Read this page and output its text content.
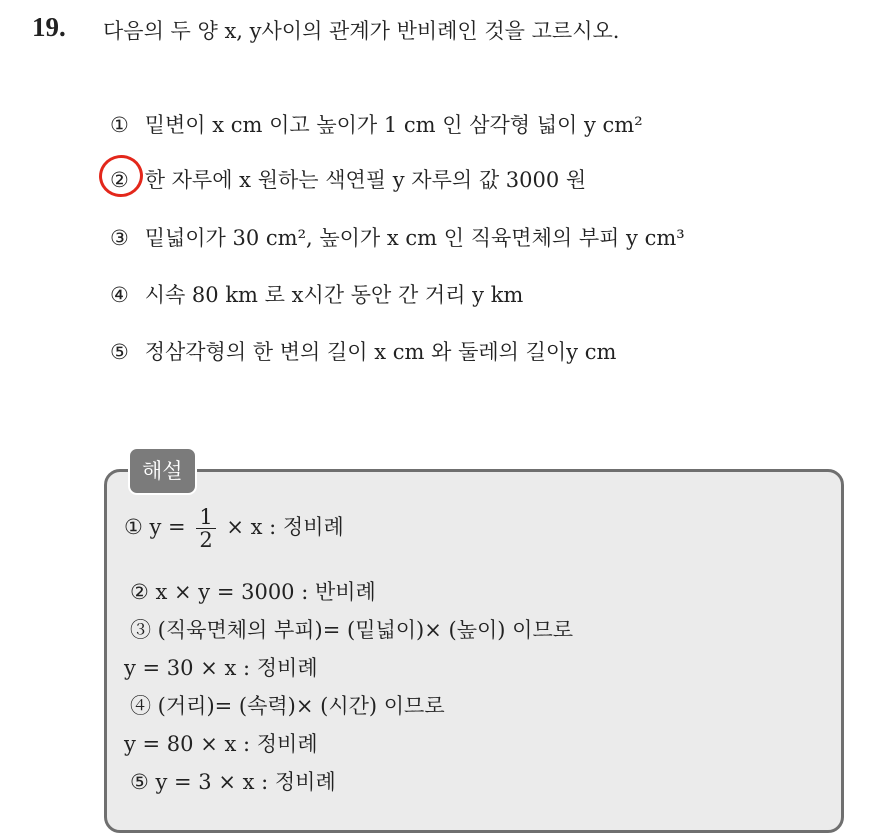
19. 다음의 두 양 x, y사이의 관계가 반비례인 것을 고르시오.
① 밑변이 x cm 이고 높이가 1 cm 인 삼각형 넓이 y cm²
② 한 자루에 x 원하는 색연필 y 자루의 값 3000 원
③ 밑넓이가 30 cm², 높이가 x cm 인 직육면체의 부피 y cm³
④ 시속 80 km 로 x시간 동안 간 거리 y km
⑤ 정삼각형의 한 변의 길이 x cm 와 둘레의 길이y cm
해설
① $y = \frac{1}{2} \times x$ : 정비례
② x × y = 3000 : 반비례
③ (직육면체의 부피)= (밑넓이)× (높이) 이므로
y = 30 × x : 정비례
④ (거리)= (속력)× (시간) 이므로
y = 80 × x : 정비례
⑤ y = 3 × x : 정비례
